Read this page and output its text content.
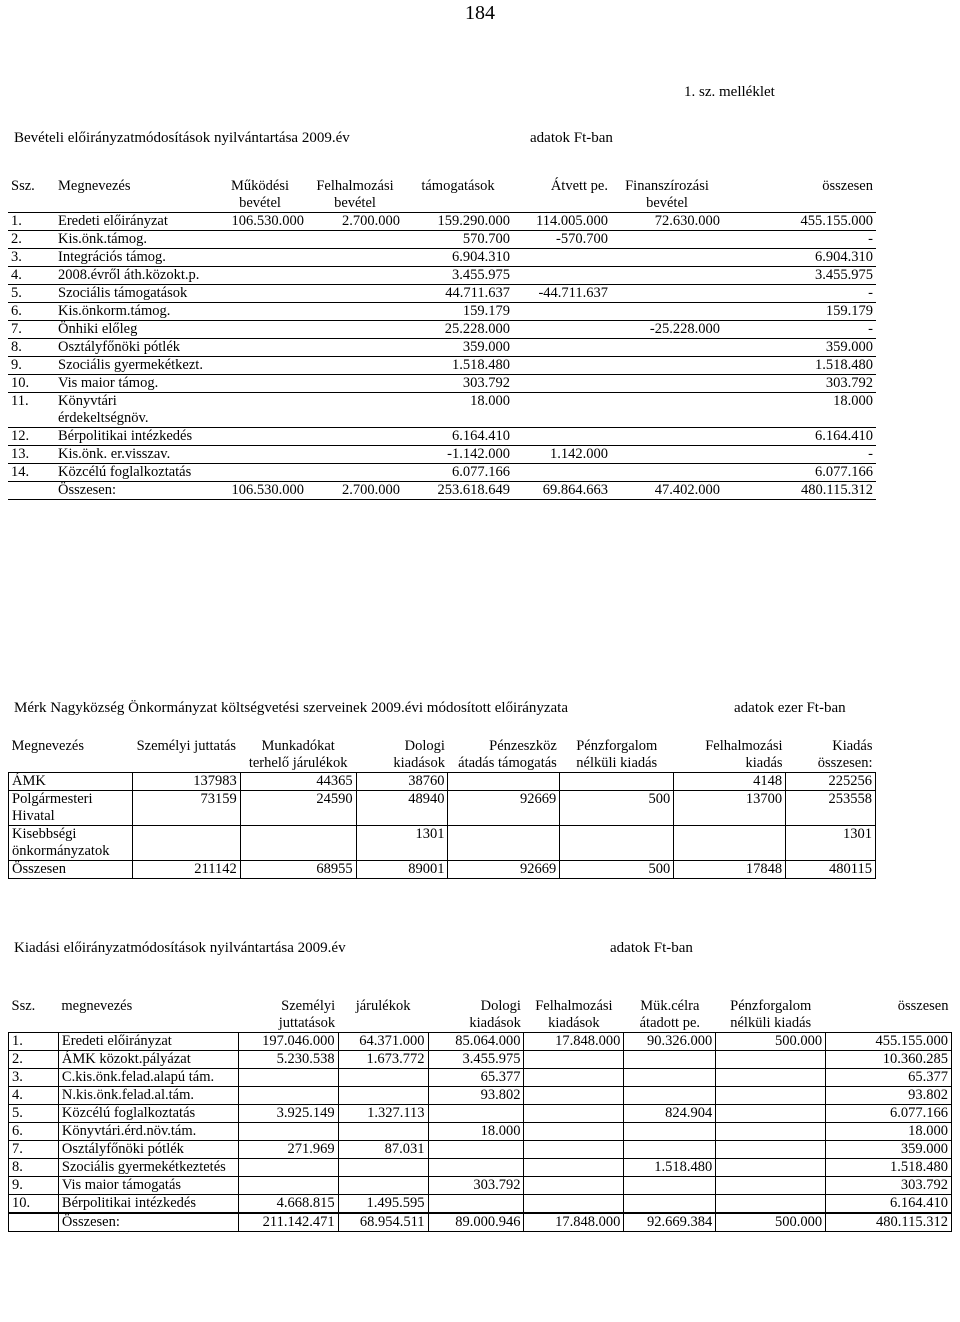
184
1. sz. melléklet
Bevételi előirányzatmódosítások nyilvántartása 2009.év	adatok Ft-ban
Ssz.	Megnevezés	Működési bevétel	Felhalmozási bevétel	támogatások	Átvett pe.	Finanszírozási bevétel	összesen
1.	Eredeti előirányzat	106.530.000	2.700.000	159.290.000	114.005.000	72.630.000	455.155.000
2.	Kis.önk.támog.			570.700	-570.700		-
3.	Integrációs támog.			6.904.310			6.904.310
4.	2008.évről áth.közokt.p.			3.455.975			3.455.975
5.	Szociális támogatások			44.711.637	-44.711.637		-
6.	Kis.önkorm.támog.			159.179			159.179
7.	Önhiki előleg			25.228.000		-25.228.000	-
8.	Osztályfőnöki pótlék			359.000			359.000
9.	Szociális gyermekétkezt.			1.518.480			1.518.480
10.	Vis maior támog.			303.792			303.792
11.	Könyvtári érdekeltségnöv.			18.000			18.000
12.	Bérpolitikai intézkedés			6.164.410			6.164.410
13.	Kis.önk. er.visszav.			-1.142.000	1.142.000		-
14.	Közcélú foglalkoztatás			6.077.166			6.077.166
	Összesen:	106.530.000	2.700.000	253.618.649	69.864.663	47.402.000	480.115.312
Mérk Nagyközség Önkormányzat költségvetési szerveinek 2009.évi módosított előirányzata	adatok ezer Ft-ban
Megnevezés	Személyi juttatás	Munkadókat terhelő járulékok	Dologi kiadások	Pénzeszköz átadás támogatás	Pénzforgalom nélküli kiadás	Felhalmozási kiadás	Kiadás összesen:
ÁMK	137983	44365	38760			4148	225256
Polgármesteri Hivatal	73159	24590	48940	92669	500	13700	253558
Kisebbségi önkormányzatok			1301				1301
Összesen	211142	68955	89001	92669	500	17848	480115
Kiadási előirányzatmódosítások nyilvántartása 2009.év	adatok Ft-ban
Ssz.	megnevezés	Személyi juttatások	járulékok	Dologi kiadások	Felhalmozási kiadások	Mük.célra átadott pe.	Pénzforgalom nélküli kiadás	összesen
1.	Eredeti előirányzat	197.046.000	64.371.000	85.064.000	17.848.000	90.326.000	500.000	455.155.000
2.	ÁMK közokt.pályázat	5.230.538	1.673.772	3.455.975				10.360.285
3.	C.kis.önk.felad.alapú tám.			65.377				65.377
4.	N.kis.önk.felad.al.tám.			93.802				93.802
5.	Közcélú foglalkoztatás	3.925.149	1.327.113			824.904		6.077.166
6.	Könyvtári.érd.növ.tám.			18.000				18.000
7.	Osztályfőnöki pótlék	271.969	87.031					359.000
8.	Szociális gyermekétkeztetés					1.518.480		1.518.480
9.	Vis maior támogatás			303.792				303.792
10.	Bérpolitikai intézkedés	4.668.815	1.495.595					6.164.410

	Összesen:	211.142.471	68.954.511	89.000.946	17.848.000	92.669.384	500.000	480.115.312
